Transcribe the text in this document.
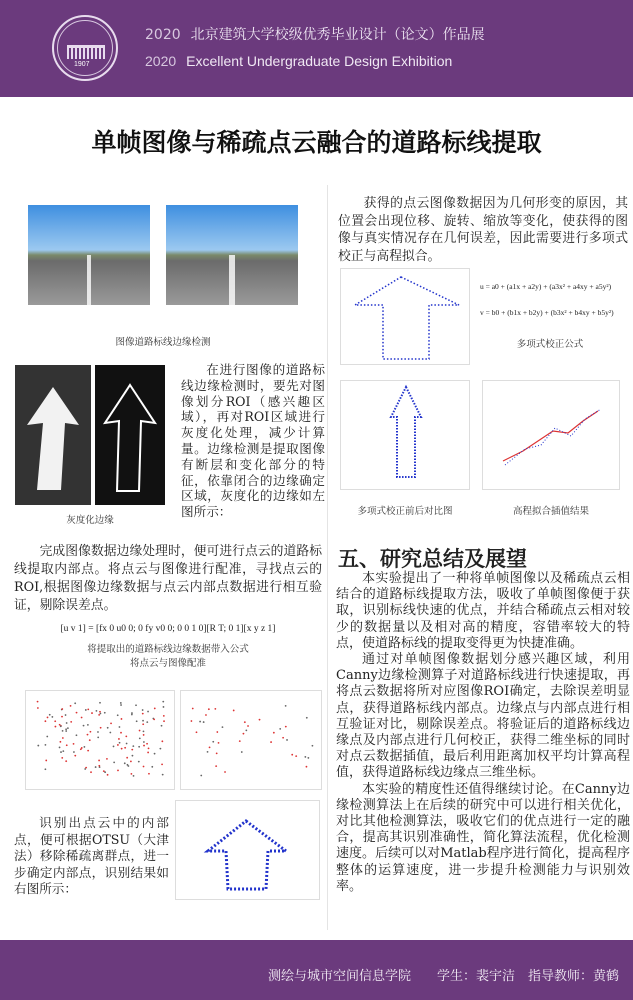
1907
2020 北京建筑大学校级优秀毕业设计（论文）作品展
2020 Excellent Undergraduate Design Exhibition
单帧图像与稀疏点云融合的道路标线提取
图像道路标线边缘检测
灰度化边缘
在进行图像的道路标线边缘检测时，要先对图像划分ROI（感兴趣区域），再对ROI区域进行灰度化处理，减少计算量。边缘检测是提取图像有断层和变化部分的特征，依靠闭合的边缘确定区域，灰度化的边缘如左图所示：
完成图像数据边缘处理时，便可进行点云的道路标线提取内部点。将点云与图像进行配准，寻找点云的ROI,根据图像边缘数据与点云内部点数据进行相互验证，剔除误差点。
[u v 1] = [fx 0 u0 0; 0 fy v0 0; 0 0 1 0][R T; 0 1][x y z 1]
将提取出的道路标线边缘数据带入公式
将点云与图像配准
识别出点云中的内部点，便可根据OTSU（大津法）移除稀疏离群点，进一步确定内部点，识别结果如右图所示：
获得的点云图像数据因为几何形变的原因，其位置会出现位移、旋转、缩放等变化，使获得的图像与真实情况存在几何误差，因此需要进行多项式校正与高程拟合。
u = a0 + (a1x + a2y) + (a3x² + a4xy + a5y²)
v = b0 + (b1x + b2y) + (b3x² + b4xy + b5y²)
多项式校正公式
多项式校正前后对比图	高程拟合插值结果
五、研究总结及展望
本实验提出了一种将单帧图像以及稀疏点云相结合的道路标线提取方法，吸收了单帧图像便于获取，识别标线快速的优点，并结合稀疏点云相对较少的数据量以及相对高的精度，容错率较大的特点，使道路标线的提取变得更为快捷准确。
通过对单帧图像数据划分感兴趣区域，利用Canny边缘检测算子对道路标线进行快速提取，再将点云数据将所对应图像ROI确定，去除误差明显点，获得道路标线内部点。边缘点与内部点进行相互验证对比，剔除误差点。将验证后的道路标线边缘点及内部点进行几何校正，获得二维坐标的同时对点云数据插值，最后利用距离加权平均计算高程值，获得道路标线边缘点三维坐标。
本实验的精度性还值得继续讨论。在Canny边缘检测算法上在后续的研究中可以进行相关优化，对比其他检测算法，吸收它们的优点进行一定的融合，提高其识别准确性，简化算法流程，优化检测速度。后续可以对Matlab程序进行简化，提高程序整体的运算速度，进一步提升检测能力与识别效率。
测绘与城市空间信息学院　　学生：裴宇洁　指导教师：黄鹤
